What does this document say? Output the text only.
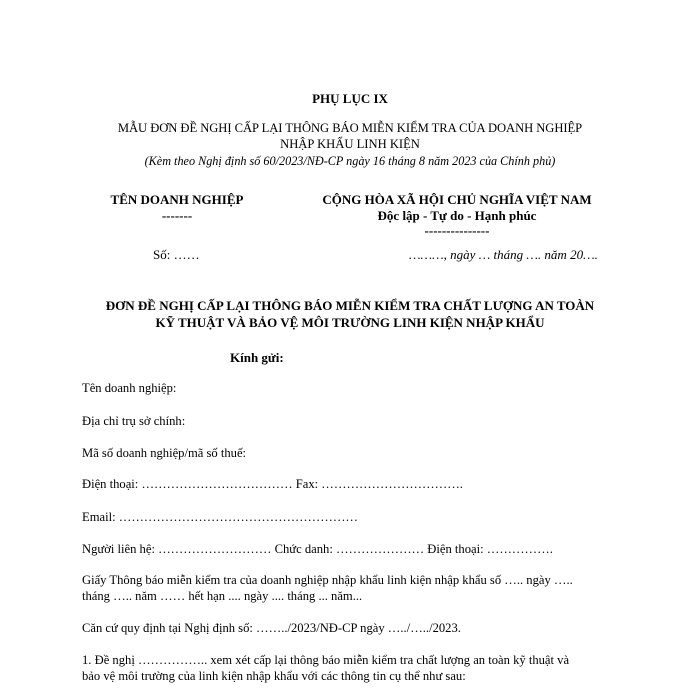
PHỤ LỤC IX
MẪU ĐƠN ĐỀ NGHỊ CẤP LẠI THÔNG BÁO MIỄN KIỂM TRA CỦA DOANH NGHIỆP
NHẬP KHẨU LINH KIỆN
(Kèm theo Nghị định số 60/2023/NĐ-CP ngày 16 tháng 8 năm 2023 của Chính phủ)
TÊN DOANH NGHIỆP
-------
CỘNG HÒA XÃ HỘI CHỦ NGHĨA VIỆT NAM
Độc lập - Tự do - Hạnh phúc
---------------
Số: ……	………, ngày … tháng …. năm 20….
ĐƠN ĐỀ NGHỊ CẤP LẠI THÔNG BÁO MIỄN KIỂM TRA CHẤT LƯỢNG AN TOÀN
KỸ THUẬT VÀ BẢO VỆ MÔI TRƯỜNG LINH KIỆN NHẬP KHẨU
Kính gửi:
Tên doanh nghiệp:
Địa chỉ trụ sở chính:
Mã số doanh nghiệp/mã số thuế:
Điện thoại: ……………………………… Fax: …………………………….
Email: …………………………………………………
Người liên hệ: ……………………… Chức danh: ………………… Điện thoại: …………….
Giấy Thông báo miễn kiểm tra của doanh nghiệp nhập khẩu linh kiện nhập khẩu số ….. ngày …..
tháng ….. năm …… hết hạn .... ngày .... tháng ... năm...
Căn cứ quy định tại Nghị định số: ……../2023/NĐ-CP ngày …../…../2023.
1. Đề nghị …………….. xem xét cấp lại thông báo miễn kiểm tra chất lượng an toàn kỹ thuật và
bảo vệ môi trường của linh kiện nhập khẩu với các thông tin cụ thể như sau:
